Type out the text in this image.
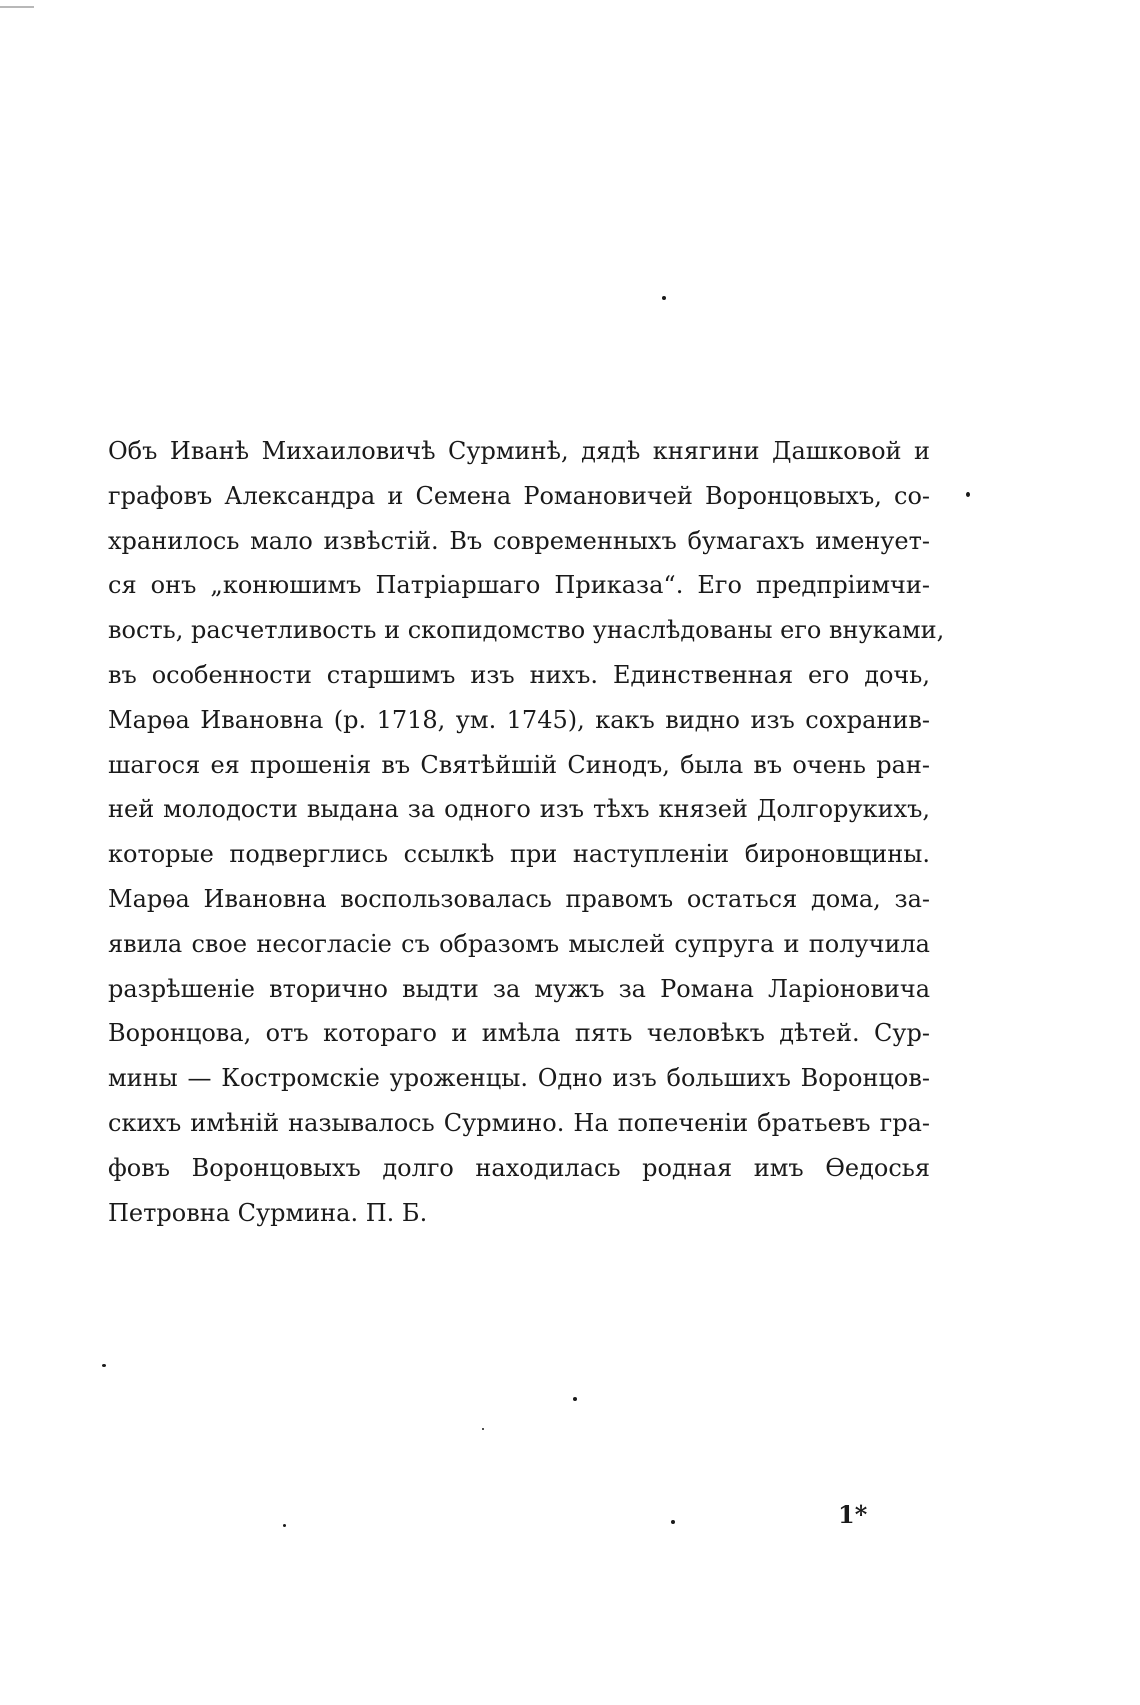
Объ Иванѣ Михаиловичѣ Сурминѣ, дядѣ княгини Дашковой и
графовъ Александра и Семена Романовичей Воронцовыхъ, со-
хранилось мало извѣстій. Въ современныхъ бумагахъ именует-
ся онъ „конюшимъ Патріаршаго Приказа“. Его предпріимчи-
вость, расчетливость и скопидомство унаслѣдованы его внуками,
въ особенности старшимъ изъ нихъ. Единственная его дочь,
Марѳа Ивановна (р. 1718, ум. 1745), какъ видно изъ сохранив-
шагося ея прошенія въ Святѣйшій Синодъ, была въ очень ран-
ней молодости выдана за одного изъ тѣхъ князей Долгорукихъ,
которые подверглись ссылкѣ при наступленіи бироновщины.
Марѳа Ивановна воспользовалась правомъ остаться дома, за-
явила свое несогласіе съ образомъ мыслей супруга и получила
разрѣшеніе вторично выдти за мужъ за Романа Ларіоновича
Воронцова, отъ котораго и имѣла пять человѣкъ дѣтей. Сур-
мины — Костромскіе уроженцы. Одно изъ большихъ Воронцов-
скихъ имѣній называлось Сурмино. На попеченіи братьевъ гра-
фовъ Воронцовыхъ долго находилась родная имъ Ѳедосья
Петровна Сурмина. П. Б.
1*
